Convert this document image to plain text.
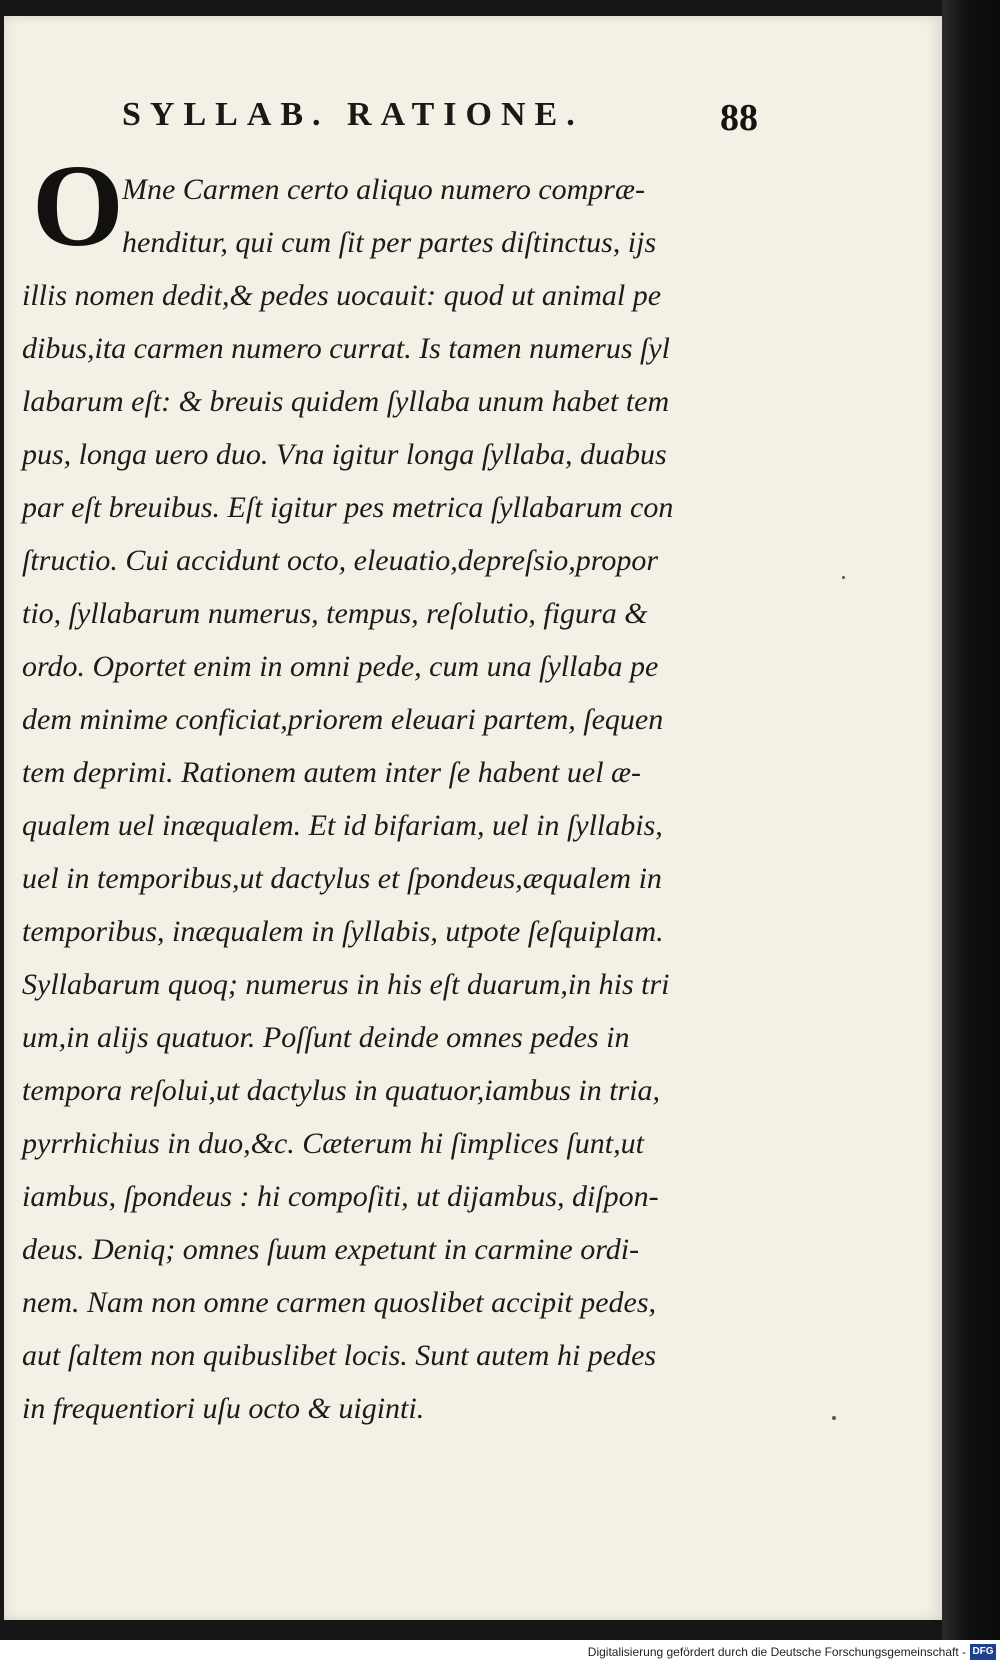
SYLLAB. RATIONE.	88
O
Mne Carmen certo aliquo numero compræ-
henditur, qui cum ſit per partes diſtinctus, ijs
illis nomen dedit,& pedes uocauit: quod ut animal pe
dibus,ita carmen numero currat. Is tamen numerus ſyl
labarum eſt: & breuis quidem ſyllaba unum habet tem
pus, longa uero duo. Vna igitur longa ſyllaba, duabus
par eſt breuibus. Eſt igitur pes metrica ſyllabarum con
ſtructio. Cui accidunt octo, eleuatio,depreſsio,propor
tio, ſyllabarum numerus, tempus, reſolutio, figura &
ordo. Oportet enim in omni pede, cum una ſyllaba pe
dem minime conficiat,priorem eleuari partem, ſequen
tem deprimi. Rationem autem inter ſe habent uel æ-
qualem uel inæqualem. Et id bifariam, uel in ſyllabis,
uel in temporibus,ut dactylus et ſpondeus,æqualem in
temporibus, inæqualem in ſyllabis, utpote ſeſquiplam.
Syllabarum quoq; numerus in his eſt duarum,in his tri
um,in alijs quatuor. Poſſunt deinde omnes pedes in
tempora reſolui,ut dactylus in quatuor,iambus in tria,
pyrrhichius in duo,&c. Cæterum hi ſimplices ſunt,ut
iambus, ſpondeus : hi compoſiti, ut dijambus, diſpon-
deus. Deniq; omnes ſuum expetunt in carmine ordi-
nem. Nam non omne carmen quoslibet accipit pedes,
aut ſaltem non quibuslibet locis. Sunt autem hi pedes
in frequentiori uſu octo & uiginti.
Digitalisierung gefördert durch die Deutsche Forschungsgemeinschaft - DFG
